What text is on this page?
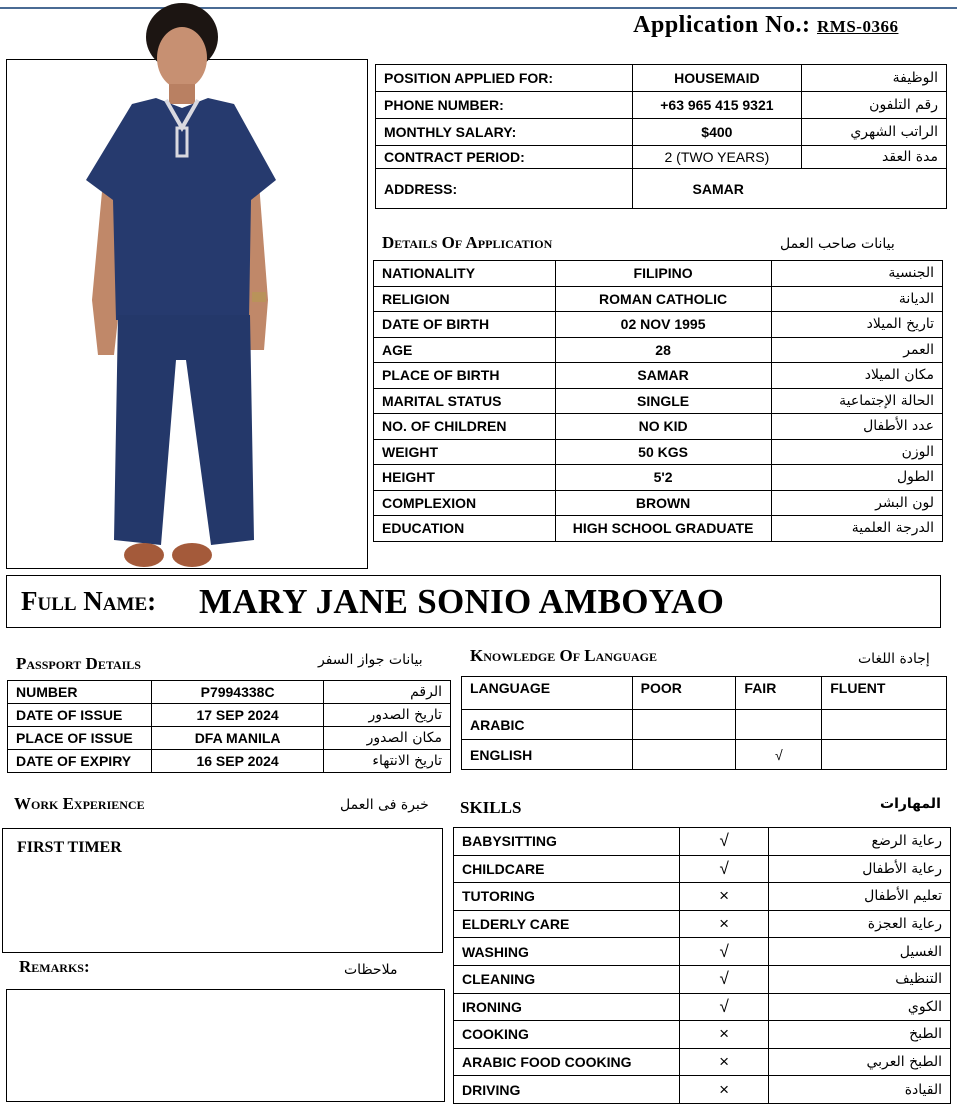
Application No.: RMS-0366
POSITION APPLIED FOR:	HOUSEMAID	الوظيفة
PHONE NUMBER:	+63 965 415 9321	رقم التلفون
MONTHLY SALARY:	$400	الراتب الشهري
CONTRACT PERIOD:	2 (TWO YEARS)	مدة العقد
ADDRESS:	SAMAR	
Details Of Application	بيانات صاحب العمل
NATIONALITY	FILIPINO	الجنسية
RELIGION	ROMAN CATHOLIC	الديانة
DATE OF BIRTH	02 NOV 1995	تاريخ الميلاد
AGE	28	العمر
PLACE OF BIRTH	SAMAR	مكان الميلاد
MARITAL STATUS	SINGLE	الحالة الإجتماعية
NO. OF CHILDREN	NO KID	عدد الأطفال
WEIGHT	50 KGS	الوزن
HEIGHT	5'2	الطول
COMPLEXION	BROWN	لون البشر
EDUCATION	HIGH SCHOOL GRADUATE	الدرجة العلمية
Full Name: MARY JANE SONIO AMBOYAO
Passport Details	بيانات جواز السفر
NUMBER	P7994338C	الرقم
DATE OF ISSUE	17 SEP 2024	تاريخ الصدور
PLACE OF ISSUE	DFA MANILA	مكان الصدور
DATE OF EXPIRY	16 SEP 2024	تاريخ الانتهاء
Knowledge Of Language	إجادة اللغات
LANGUAGE	POOR	FAIR	FLUENT
ARABIC			
ENGLISH		√	
Work Experience	خبرة فى العمل
FIRST TIMER
Remarks:	ملاحظات
SKILLS	المهارات
BABYSITTING	√	رعاية الرضع
CHILDCARE	√	رعاية الأطفال
TUTORING	×	تعليم الأطفال
ELDERLY CARE	×	رعاية العجزة
WASHING	√	الغسيل
CLEANING	√	التنظيف
IRONING	√	الكوي
COOKING	×	الطبخ
ARABIC FOOD COOKING	×	الطبخ العربي
DRIVING	×	القيادة
